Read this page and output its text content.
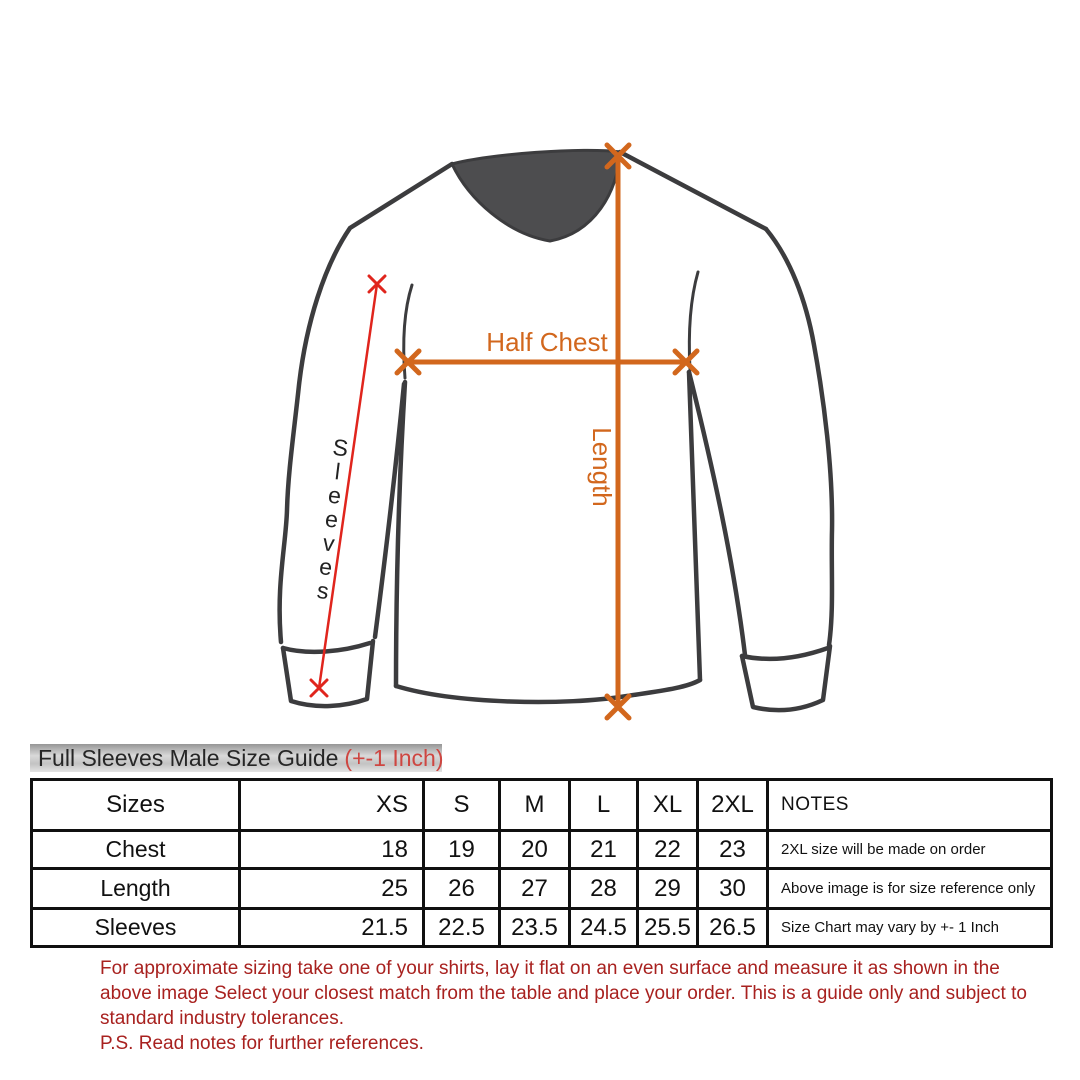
Sleeves
Length
Half Chest
Full Sleeves Male Size Guide (+-1 Inch)
Sizes	XS	S	M	L	XL	2XL	NOTES
Chest	18	19	20	21	22	23	2XL size will be made on order
Length	25	26	27	28	29	30	Above image is for size reference only
Sleeves	21.5	22.5	23.5	24.5	25.5	26.5	Size Chart may vary by +- 1 Inch
For approximate sizing take one of your shirts, lay it flat on an even surface and measure it as shown in the
above image Select your closest match from the table and place your order. This is a guide only and subject to
standard industry tolerances.
P.S. Read notes for further references.
